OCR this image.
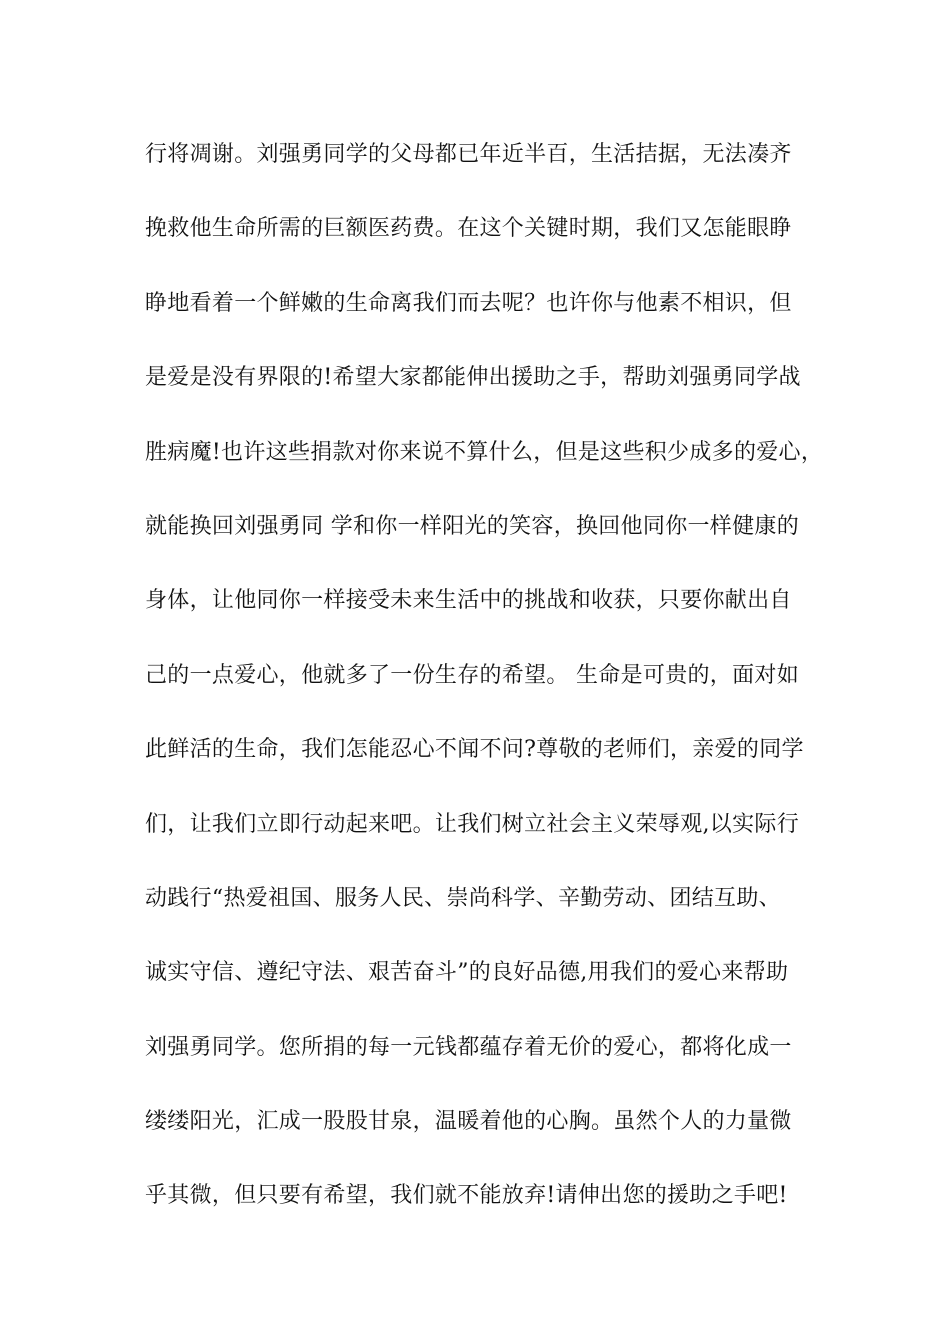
行将凋谢。刘强勇同学的父母都已年近半百，生活拮据，无法凑齐
挽救他生命所需的巨额医药费。在这个关键时期，我们又怎能眼睁
睁地看着一个鲜嫩的生命离我们而去呢？也许你与他素不相识，但
是爱是没有界限的!希望大家都能伸出援助之手，帮助刘强勇同学战
胜病魔!也许这些捐款对你来说不算什么，但是这些积少成多的爱心，
就能换回刘强勇同 学和你一样阳光的笑容，换回他同你一样健康的
身体，让他同你一样接受未来生活中的挑战和收获，只要你献出自
己的一点爱心，他就多了一份生存的希望。 生命是可贵的，面对如
此鲜活的生命，我们怎能忍心不闻不问?尊敬的老师们，亲爱的同学
们，让我们立即行动起来吧。让我们树立社会主义荣辱观,以实际行
动践行“热爱祖国、服务人民、崇尚科学、辛勤劳动、团结互助、
诚实守信、遵纪守法、艰苦奋斗”的良好品德,用我们的爱心来帮助
刘强勇同学。您所捐的每一元钱都蕴存着无价的爱心，都将化成一
缕缕阳光，汇成一股股甘泉，温暖着他的心胸。虽然个人的力量微
乎其微，但只要有希望，我们就不能放弃!请伸出您的援助之手吧!
